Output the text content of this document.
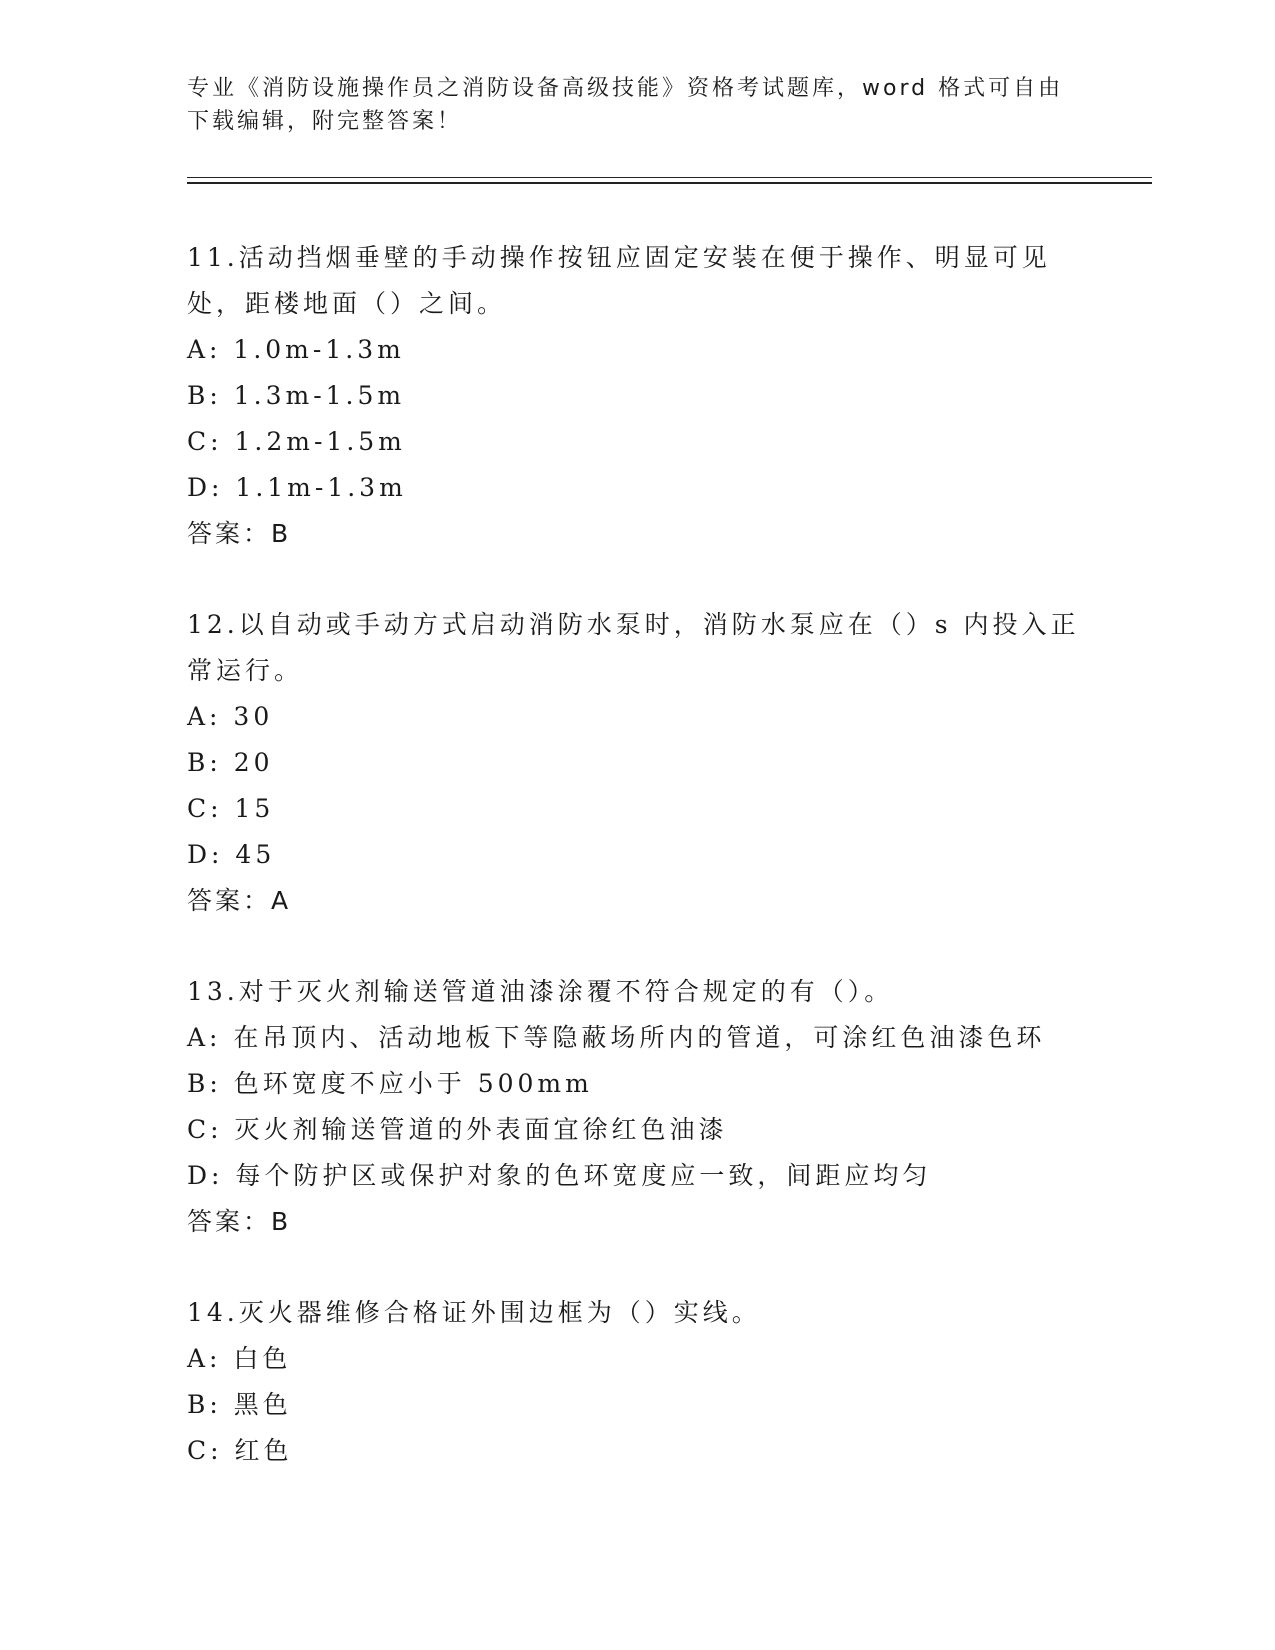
专业《消防设施操作员之消防设备高级技能》资格考试题库，word 格式可自由下载编辑，附完整答案！
11.活动挡烟垂壁的手动操作按钮应固定安装在便于操作、明显可见处，距楼地面（）之间。
A: 1.0m-1.3m
B: 1.3m-1.5m
C: 1.2m-1.5m
D: 1.1m-1.3m
答案：B
12.以自动或手动方式启动消防水泵时，消防水泵应在（）s 内投入正常运行。
A: 30
B: 20
C: 15
D: 45
答案：A
13.对于灭火剂输送管道油漆涂覆不符合规定的有（）。
A: 在吊顶内、活动地板下等隐蔽场所内的管道，可涂红色油漆色环
B: 色环宽度不应小于 500mm
C: 灭火剂输送管道的外表面宜徐红色油漆
D: 每个防护区或保护对象的色环宽度应一致，间距应均匀
答案：B
14.灭火器维修合格证外围边框为（）实线。
A: 白色
B: 黑色
C: 红色
